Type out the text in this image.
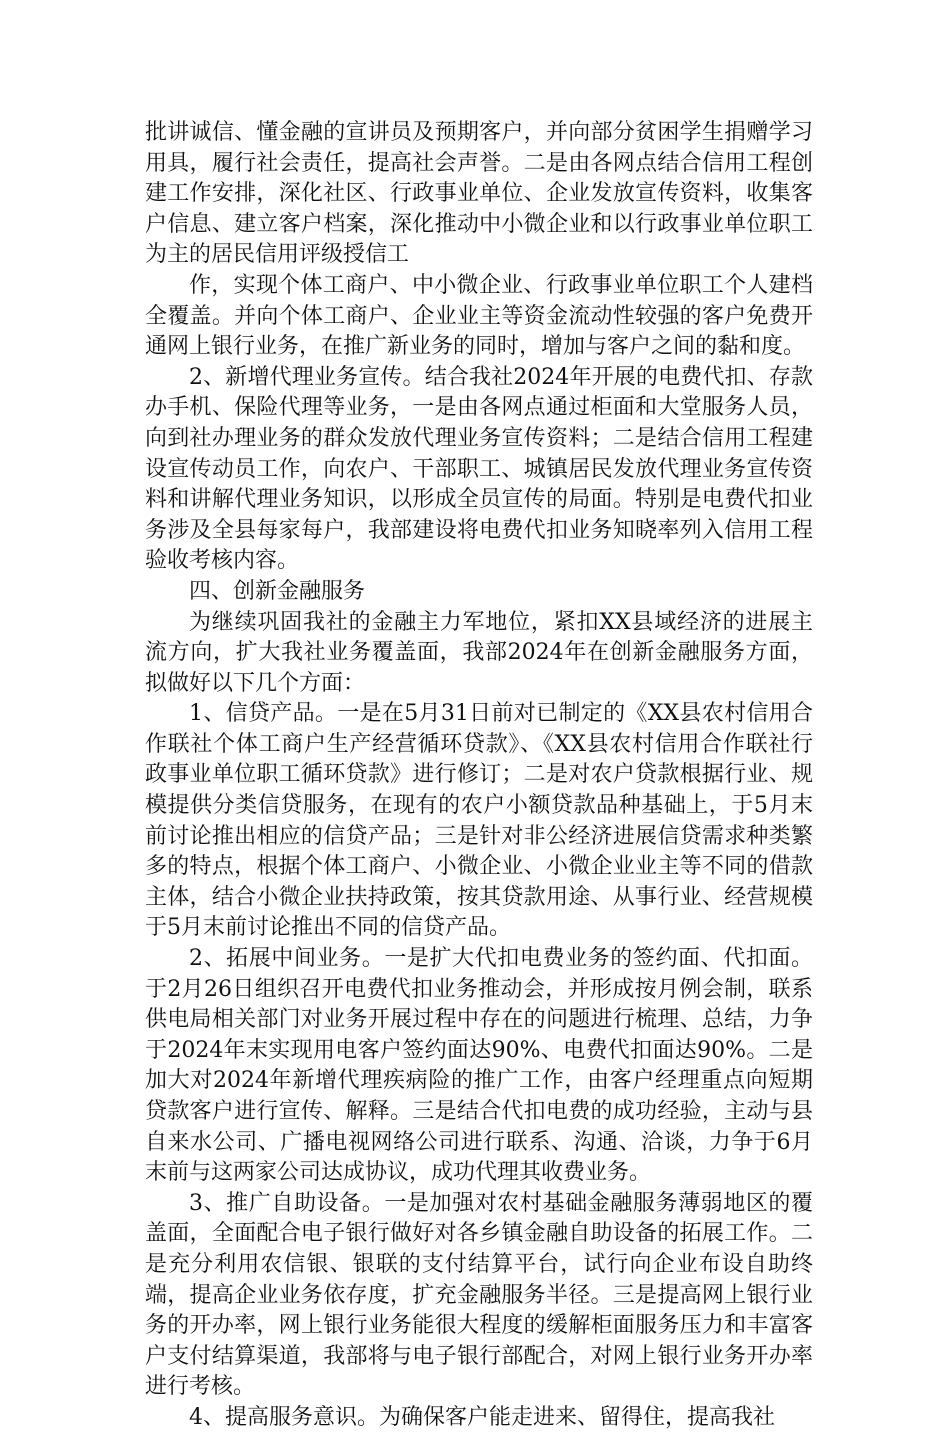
批讲诚信、懂金融的宣讲员及预期客户，并向部分贫困学生捐赠学习用具，履行社会责任，提高社会声誉。二是由各网点结合信用工程创建工作安排，深化社区、行政事业单位、企业发放宣传资料，收集客户信息、建立客户档案，深化推动中小微企业和以行政事业单位职工为主的居民信用评级授信工

作，实现个体工商户、中小微企业、行政事业单位职工个人建档全覆盖。并向个体工商户、企业业主等资金流动性较强的客户免费开通网上银行业务，在推广新业务的同时，增加与客户之间的黏和度。

2、新增代理业务宣传。结合我社2024年开展的电费代扣、存款办手机、保险代理等业务，一是由各网点通过柜面和大堂服务人员，向到社办理业务的群众发放代理业务宣传资料；二是结合信用工程建设宣传动员工作，向农户、干部职工、城镇居民发放代理业务宣传资料和讲解代理业务知识，以形成全员宣传的局面。特别是电费代扣业务涉及全县每家每户，我部建设将电费代扣业务知晓率列入信用工程验收考核内容。

四、创新金融服务

为继续巩固我社的金融主力军地位，紧扣XX县域经济的进展主流方向，扩大我社业务覆盖面，我部2024年在创新金融服务方面，拟做好以下几个方面：

1、信贷产品。一是在5月31日前对已制定的《XX县农村信用合作联社个体工商户生产经营循环贷款》、《XX县农村信用合作联社行政事业单位职工循环贷款》进行修订；二是对农户贷款根据行业、规模提供分类信贷服务，在现有的农户小额贷款品种基础上，于5月末前讨论推出相应的信贷产品；三是针对非公经济进展信贷需求种类繁多的特点，根据个体工商户、小微企业、小微企业业主等不同的借款主体，结合小微企业扶持政策，按其贷款用途、从事行业、经营规模于5月末前讨论推出不同的信贷产品。

2、拓展中间业务。一是扩大代扣电费业务的签约面、代扣面。于2月26日组织召开电费代扣业务推动会，并形成按月例会制，联系供电局相关部门对业务开展过程中存在的问题进行梳理、总结，力争于2024年末实现用电客户签约面达90%、电费代扣面达90%。二是加大对2024年新增代理疾病险的推广工作，由客户经理重点向短期贷款客户进行宣传、解释。三是结合代扣电费的成功经验，主动与县自来水公司、广播电视网络公司进行联系、沟通、洽谈，力争于6月末前与这两家公司达成协议，成功代理其收费业务。

3、推广自助设备。一是加强对农村基础金融服务薄弱地区的覆盖面，全面配合电子银行做好对各乡镇金融自助设备的拓展工作。二是充分利用农信银、银联的支付结算平台，试行向企业布设自助终端，提高企业业务依存度，扩充金融服务半径。三是提高网上银行业务的开办率，网上银行业务能很大程度的缓解柜面服务压力和丰富客户支付结算渠道，我部将与电子银行部配合，对网上银行业务开办率进行考核。

4、提高服务意识。为确保客户能走进来、留得住，提高我社
